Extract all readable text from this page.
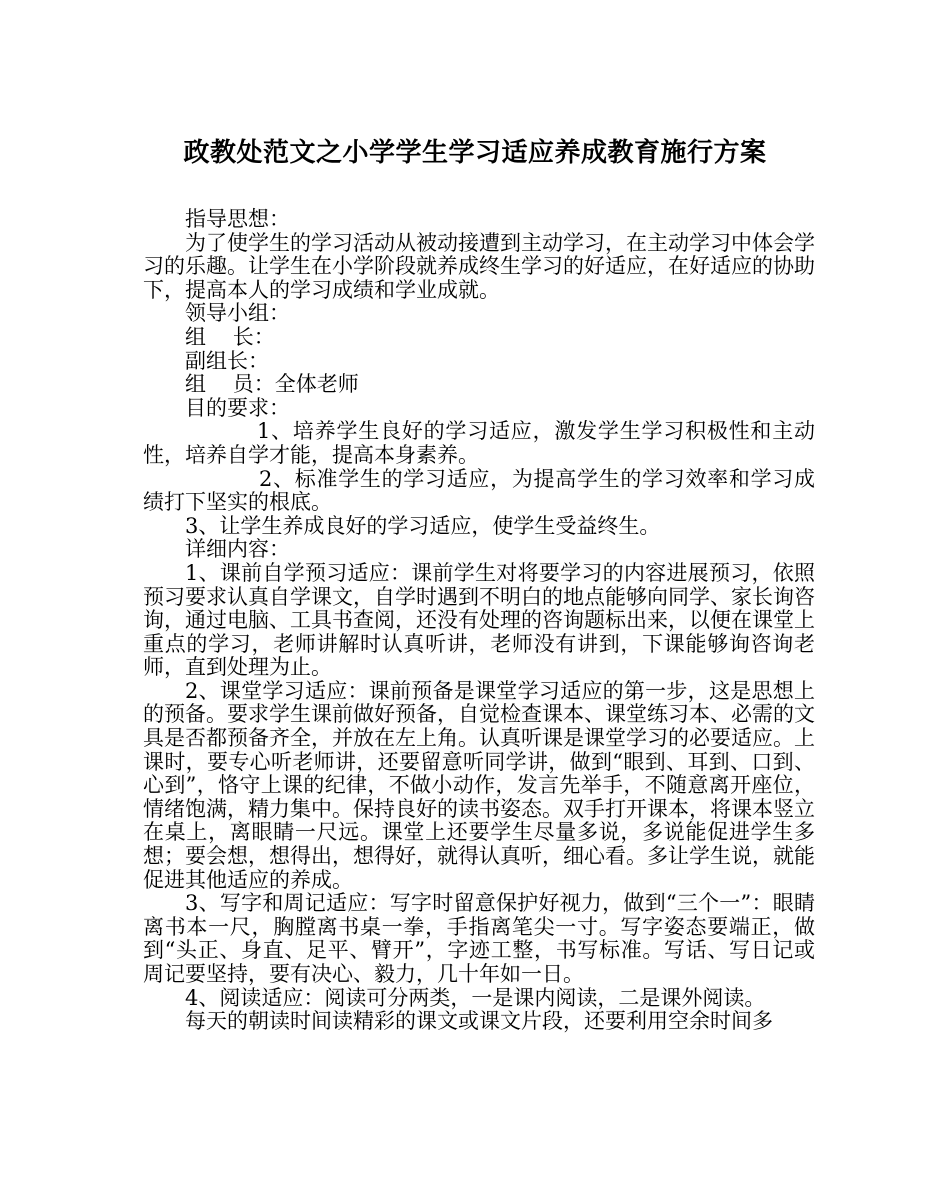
政教处范文之小学学生学习适应养成教育施行方案

指导思想：

为了使学生的学习活动从被动接遭到主动学习，在主动学习中体会学习的乐趣。让学生在小学阶段就养成终生学习的好适应，在好适应的协助下，提高本人的学习成绩和学业成就。

领导小组：

组    长：

副组长：

组    员：全体老师

目的要求：

1、培养学生良好的学习适应，激发学生学习积极性和主动性，培养自学才能，提高本身素养。

2、标准学生的学习适应，为提高学生的学习效率和学习成绩打下坚实的根底。

3、让学生养成良好的学习适应，使学生受益终生。

详细内容：

1、课前自学预习适应：课前学生对将要学习的内容进展预习，依照预习要求认真自学课文，自学时遇到不明白的地点能够向同学、家长询咨询，通过电脑、工具书查阅，还没有处理的咨询题标出来，以便在课堂上重点的学习，老师讲解时认真听讲，老师没有讲到，下课能够询咨询老师，直到处理为止。

2、课堂学习适应：课前预备是课堂学习适应的第一步，这是思想上的预备。要求学生课前做好预备，自觉检查课本、课堂练习本、必需的文具是否都预备齐全，并放在左上角。认真听课是课堂学习的必要适应。上课时，要专心听老师讲，还要留意听同学讲，做到“眼到、耳到、口到、心到”，恪守上课的纪律，不做小动作，发言先举手，不随意离开座位，情绪饱满，精力集中。保持良好的读书姿态。双手打开课本，将课本竖立在桌上，离眼睛一尺远。课堂上还要学生尽量多说，多说能促进学生多想；要会想，想得出，想得好，就得认真听，细心看。多让学生说，就能促进其他适应的养成。

3、写字和周记适应：写字时留意保护好视力，做到“三个一”：眼睛离书本一尺，胸膛离书桌一拳，手指离笔尖一寸。写字姿态要端正，做到“头正、身直、足平、臂开”，字迹工整，书写标准。写话、写日记或周记要坚持，要有决心、毅力，几十年如一日。

4、阅读适应：阅读可分两类，一是课内阅读，二是课外阅读。

每天的朝读时间读精彩的课文或课文片段，还要利用空余时间多
